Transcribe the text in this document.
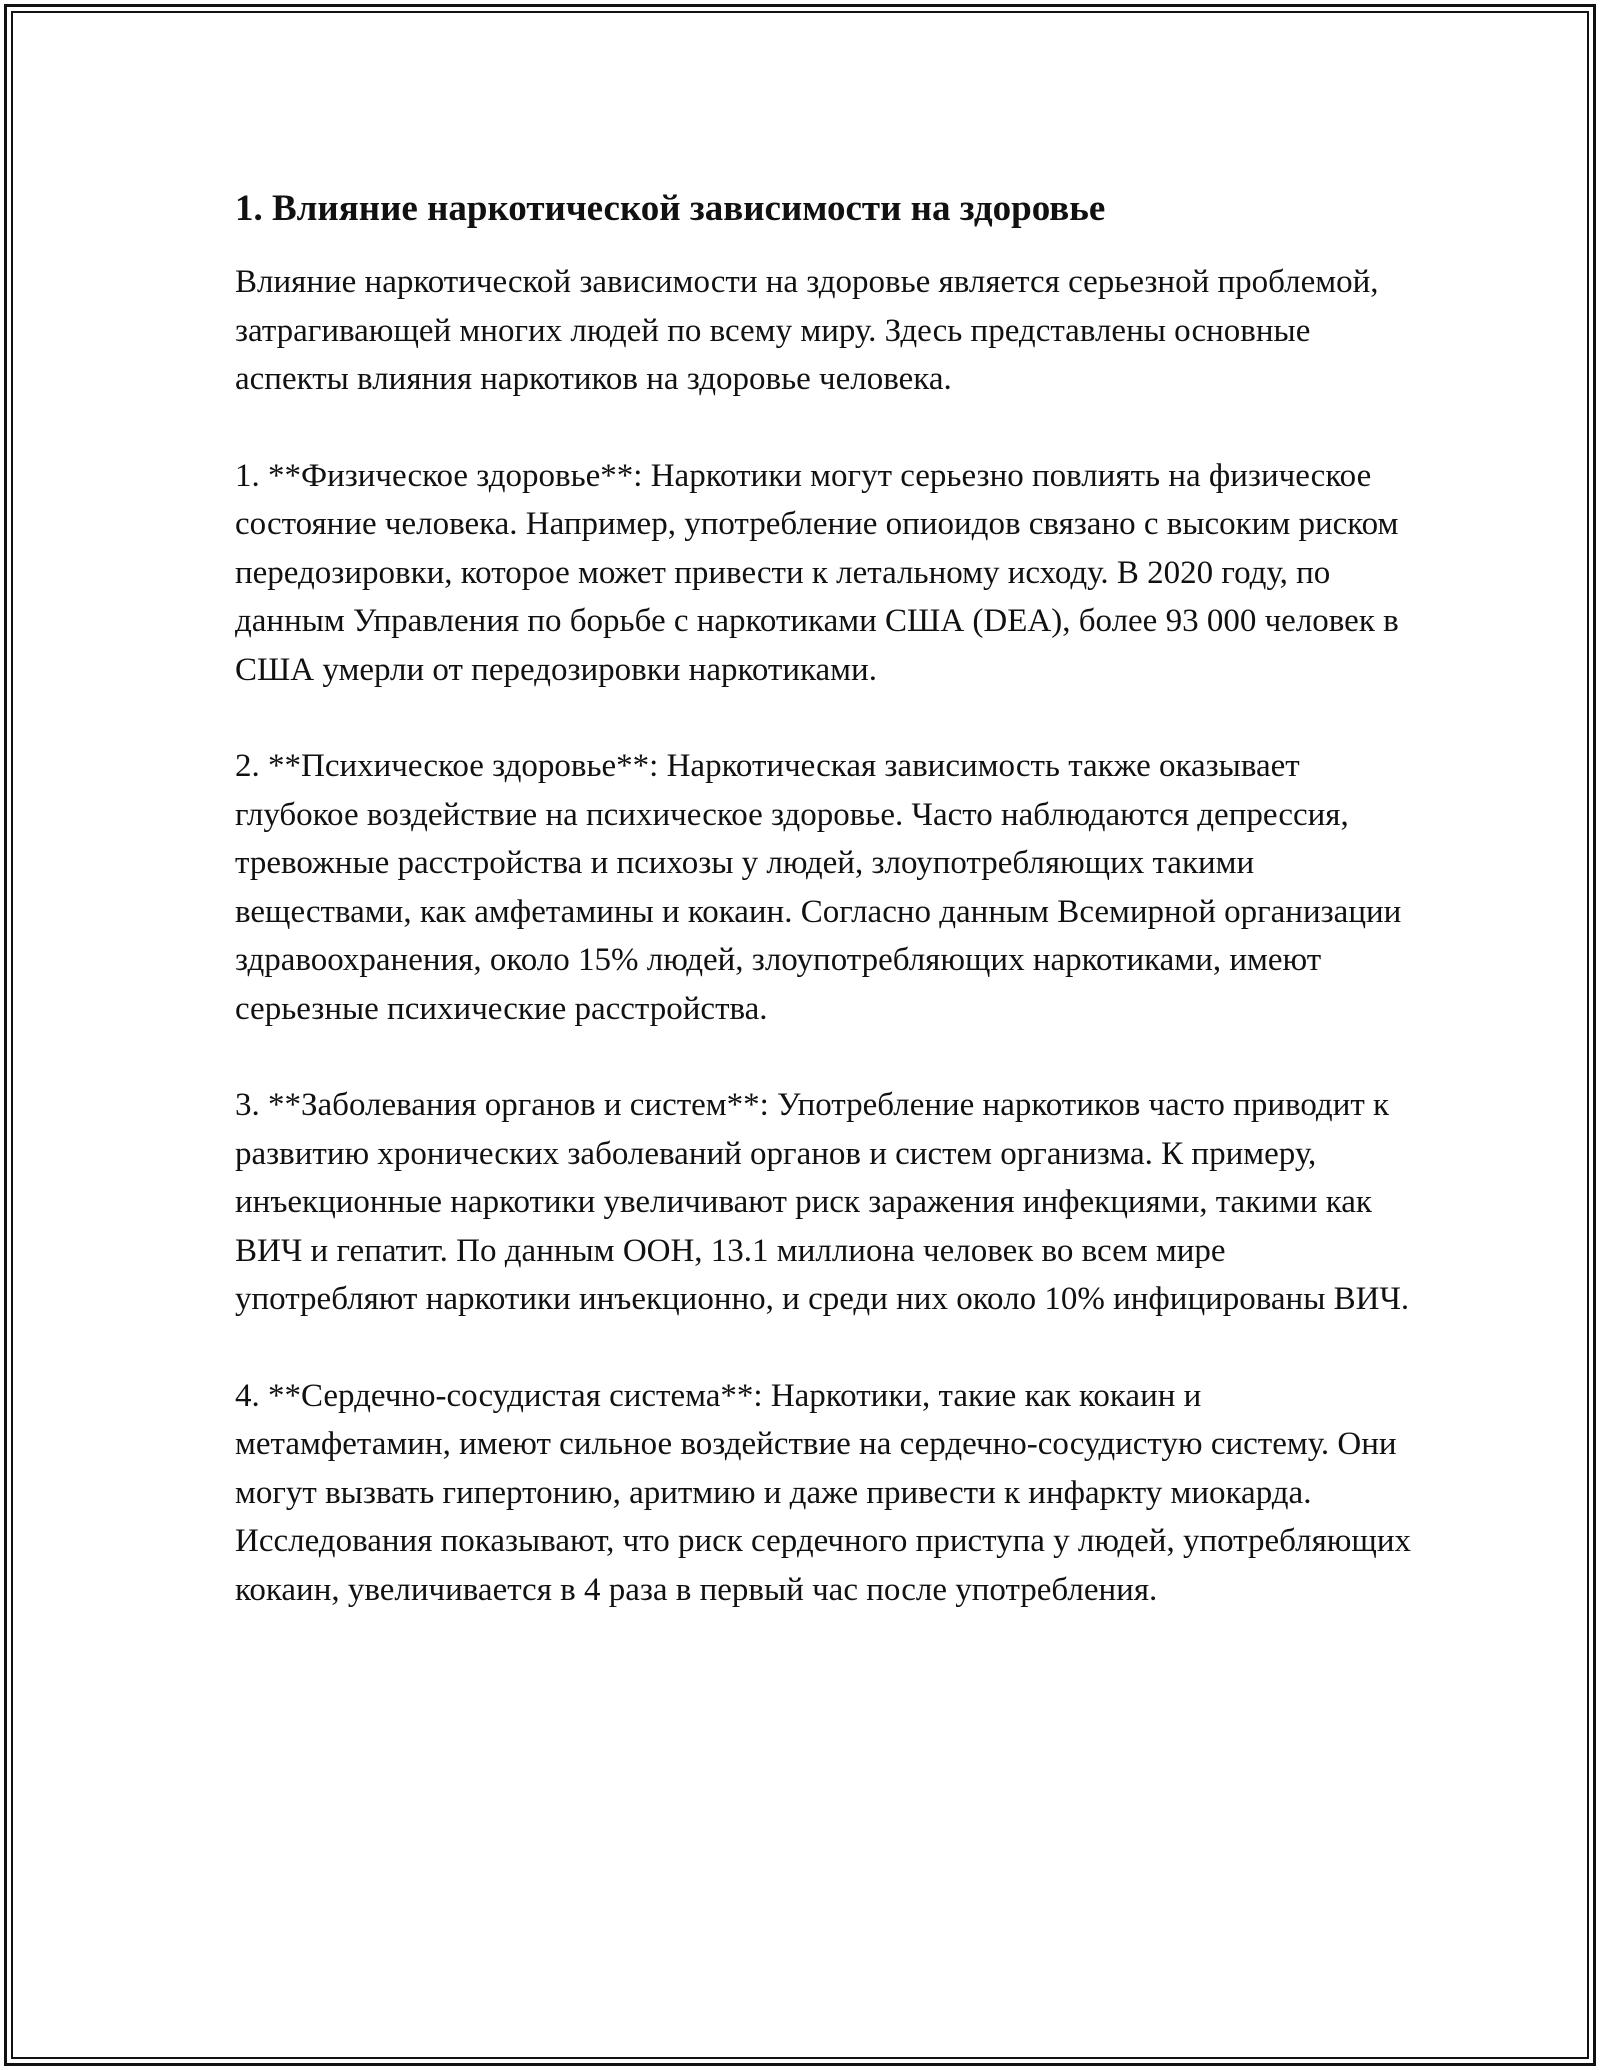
1. Влияние наркотической зависимости на здоровье

Влияние наркотической зависимости на здоровье является серьезной проблемой, затрагивающей многих людей по всему миру. Здесь представлены основные аспекты влияния наркотиков на здоровье человека.

1. **Физическое здоровье**: Наркотики могут серьезно повлиять на физическое состояние человека. Например, употребление опиоидов связано с высоким риском передозировки, которое может привести к летальному исходу. В 2020 году, по данным Управления по борьбе с наркотиками США (DEA), более 93 000 человек в США умерли от передозировки наркотиками.

2. **Психическое здоровье**: Наркотическая зависимость также оказывает глубокое воздействие на психическое здоровье. Часто наблюдаются депрессия, тревожные расстройства и психозы у людей, злоупотребляющих такими веществами, как амфетамины и кокаин. Согласно данным Всемирной организации здравоохранения, около 15% людей, злоупотребляющих наркотиками, имеют серьезные психические расстройства.

3. **Заболевания органов и систем**: Употребление наркотиков часто приводит к развитию хронических заболеваний органов и систем организма. К примеру, инъекционные наркотики увеличивают риск заражения инфекциями, такими как ВИЧ и гепатит. По данным ООН, 13.1 миллиона человек во всем мире употребляют наркотики инъекционно, и среди них около 10% инфицированы ВИЧ.

4. **Сердечно-сосудистая система**: Наркотики, такие как кокаин и метамфетамин, имеют сильное воздействие на сердечно-сосудистую систему. Они могут вызвать гипертонию, аритмию и даже привести к инфаркту миокарда. Исследования показывают, что риск сердечного приступа у людей, употребляющих кокаин, увеличивается в 4 раза в первый час после употребления.
